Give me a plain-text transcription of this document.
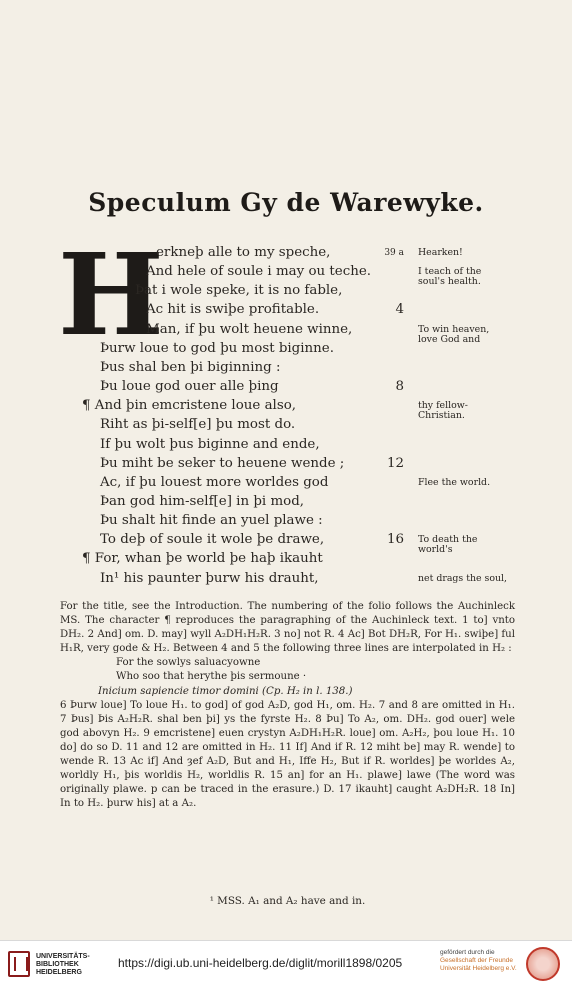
Speculum Gy de Warewyke.
H
erkneþ alle to my speche,	39 a Hearken!
And hele of soule i may ou teche.	I teach of the soul's health.
Þat i wole speke, it is no fable,
Ac hit is swiþe profitable.	4
Man, if þu wolt heuene winne,	To win heaven, love God and
Þurw loue to god þu most biginne.
Þus shal ben þi biginning :
Þu loue god ouer alle þing	8
¶ And þin emcristene loue also,	thy fellow-Christian.
Riht as þi-self[e] þu most do.
If þu wolt þus biginne and ende,
Þu miht be seker to heuene wende ;	12
Ac, if þu louest more worldes god	Flee the world.
Þan god him-self[e] in þi mod,
Þu shalt hit finde an yuel plawe :
To deþ of soule it wole þe drawe,	16 To death the world's
¶ For, whan þe world þe haþ ikauht
In¹ his paunter þurw his drauht,	net drags the soul,

For the title, see the Introduction. The numbering of the folio follows the Auchinleck MS. The character ¶ reproduces the paragraphing of the Auchinleck text. 1 to] vnto DH₂. 2 And] om. D. may] wyll A₂DH₁H₂R. 3 no] not R. 4 Ac] Bot DH₂R, For H₁. swiþe] ful H₁R, very gode & H₂. Between 4 and 5 the following three lines are interpolated in H₂ :

For the sowlys saluacyowne

Who soo that herythe þis sermoune ·

Inicium sapiencie timor domini (Cp. H₂ in l. 138.)

6 Þurw loue] To loue H₁. to god] of god A₂D, god H₁, om. H₂. 7 and 8 are omitted in H₁. 7 Þus] Þis A₂H₂R. shal ben þi] ys the fyrste H₂. 8 Þu] To A₂, om. DH₂. god ouer] wele god abovyn H₂. 9 emcristene] euen crystyn A₂DH₁H₂R. loue] om. A₂H₂, þou loue H₁. 10 do] do so D. 11 and 12 are omitted in H₂. 11 If] And if R. 12 miht be] may R. wende] to wende R. 13 Ac if] And ȝef A₂D, But and H₁, Iffe H₂, But if R. worldes] þe worldes A₂, worldly H₁, þis worldis H₂, worldlis R. 15 an] for an H₁. plawe] lawe (The word was originally plawe. p can be traced in the erasure.) D. 17 ikauht] caught A₂DH₂R. 18 In] In to H₂. þurw his] at a A₂.

¹ MSS. A₁ and A₂ have and in.
UNIVERSITÄTS-
BIBLIOTHEK
HEIDELBERG
https://digi.ub.uni-heidelberg.de/diglit/morill1898/0205
gefördert durch die
Gesellschaft der Freunde
Universität Heidelberg e.V.
